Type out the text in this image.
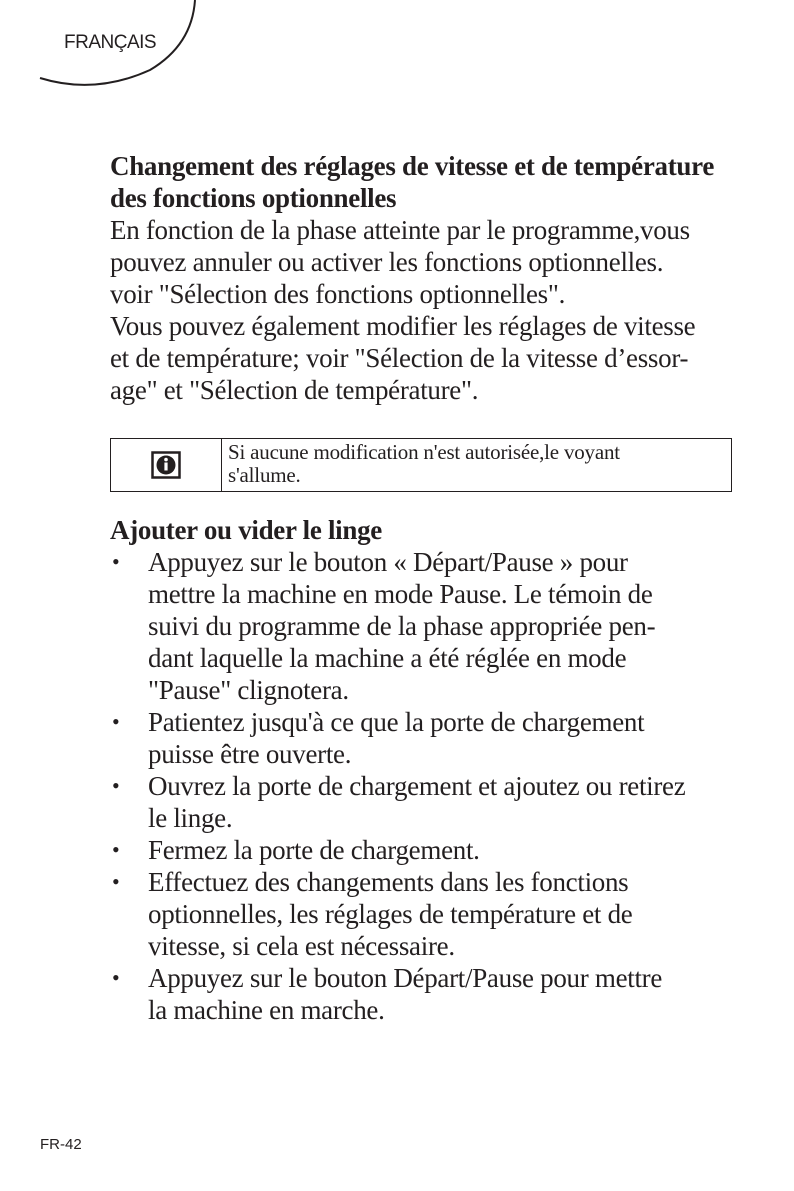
FRANÇAIS

Changement des réglages de vitesse et de température

des fonctions optionnelles

En fonction de la phase atteinte par le programme,vous

pouvez annuler ou activer les fonctions optionnelles.

voir "Sélection des fonctions optionnelles".

Vous pouvez également modifier les réglages de vitesse

et de température; voir "Sélection de la vitesse d’essor-

age" et "Sélection de température".

Si aucune modification n'est autorisée,le voyant
s'allume.

Ajouter ou vider le linge

• Appuyez sur le bouton « Départ/Pause » pour
mettre la machine en mode Pause. Le témoin de
suivi du programme de la phase appropriée pen-
dant laquelle la machine a été réglée en mode
"Pause" clignotera.
• Patientez jusqu'à ce que la porte de chargement
puisse être ouverte.
• Ouvrez la porte de chargement et ajoutez ou retirez
le linge.
• Fermez la porte de chargement.
• Effectuez des changements dans les fonctions
optionnelles, les réglages de température et de
vitesse, si cela est nécessaire.
• Appuyez sur le bouton Départ/Pause pour mettre
la machine en marche.
FR-42
